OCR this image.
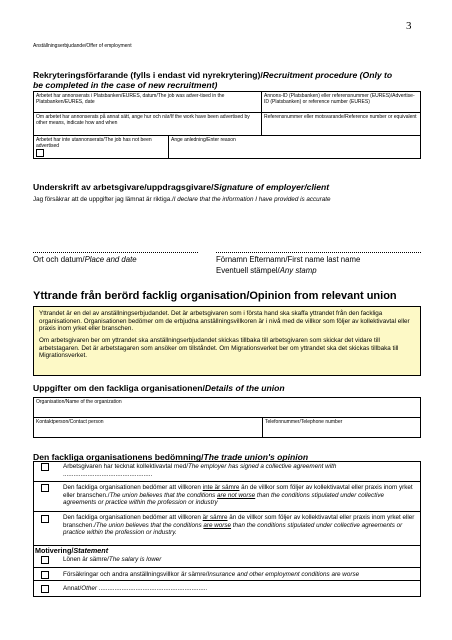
3
Anställningserbjudande/Offer of employment
Rekryteringsförfarande (fylls i endast vid nyrekrytering)/Recruitment procedure (Only to
be completed in the case of new recruitment)
Arbetet har annonserats i Platsbanken/EURES, datum/The job was adver-tised in the Platsbanken/EURES, date
Annons-ID (Platsbanken) eller referensnummer (EURES)/Advertise-ID (Platsbanken) or reference number (EURES)
Om arbetet har annonserats på annat sätt, ange hur och när/If the work have been advertised by other means, indicate how and when
Referensnummer eller motsvarande/Reference number or equivalent
Arbetet har inte utannonserats/The job has not been advertised
Ange anledning/Enter reason
Underskrift av arbetsgivare/uppdragsgivare/Signature of employer/client
Jag försäkrar att de uppgifter jag lämnat är riktiga./I declare that the information I have provided is accurate
Ort och datum/Place and date	Förnamn Efternamn/First name last name
Eventuell stämpel/Any stamp
Yttrande från berörd facklig organisation/Opinion from relevant union
Yttrandet är en del av anställningserbjudandet. Det är arbetsgivaren som i första hand ska skaffa yttrandet från den fackliga organisationen. Organisationen bedömer om de erbjudna anställningsvillkoren är i nivå med de villkor som följer av kollektivavtal eller praxis inom yrket eller branschen.
Om arbetsgivaren ber om yttrandet ska anställningserbjudandet skickas tillbaka till arbetsgivaren som skickar det vidare till arbetstagaren. Det är arbetstagaren som ansöker om tillståndet. Om Migrationsverket ber om yttrandet ska det skickas tillbaka till Migrationsverket.
Uppgifter om den fackliga organisationen/Details of the union
Organisation/Name of the organization
Kontaktperson/Contact person	Telefonnummer/Telephone number
Den fackliga organisationens bedömning/The trade union's opinion
Arbetsgivaren har tecknat kollektivavtal med/The employer has signed a collective agreement with
...................................................
Den fackliga organisationen bedömer att villkoren inte är sämre än de villkor som följer av kollektivavtal eller praxis inom yrket eller branschen./The union believes that the conditions are not worse than the conditions stipulated under collective agreements or practice within the profession or industry
Den fackliga organisationen bedömer att villkoren är sämre än de villkor som följer av kollektivavtal eller praxis inom yrket eller branschen./The union believes that the conditions are worse than the conditions stipulated under collective agreements or practice within the profession or industry.
Motivering/Statement
Lönen är sämre/The salary is lower
Försäkringar och andra anställningsvillkor är sämre/Insurance and other employment conditions are worse
Annat/Other ..............................................................
